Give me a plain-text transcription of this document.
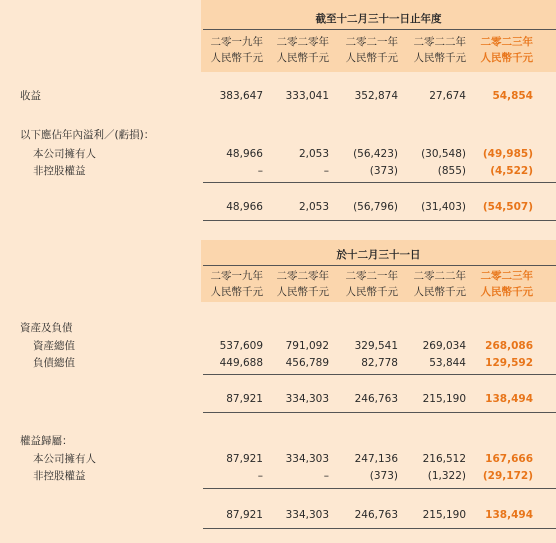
截至十二月三十一日止年度
二零一九年	二零二零年	二零二一年	二零二二年	二零二三年
人民幣千元	人民幣千元	人民幣千元	人民幣千元	人民幣千元
收益	383,647	333,041	352,874	27,674	54,854
以下應佔年內溢利／(虧損)：
本公司擁有人	48,966	2,053	(56,423)	(30,548)	(49,985)
非控股權益	–	–	(373)	(855)	(4,522)
48,966	2,053	(56,796)	(31,403)	(54,507)
於十二月三十一日
二零一九年	二零二零年	二零二一年	二零二二年	二零二三年
人民幣千元	人民幣千元	人民幣千元	人民幣千元	人民幣千元
資產及負債
資產總值	537,609	791,092	329,541	269,034	268,086
負債總值	449,688	456,789	82,778	53,844	129,592
87,921	334,303	246,763	215,190	138,494
權益歸屬：
本公司擁有人	87,921	334,303	247,136	216,512	167,666
非控股權益	–	–	(373)	(1,322)	(29,172)
87,921	334,303	246,763	215,190	138,494
